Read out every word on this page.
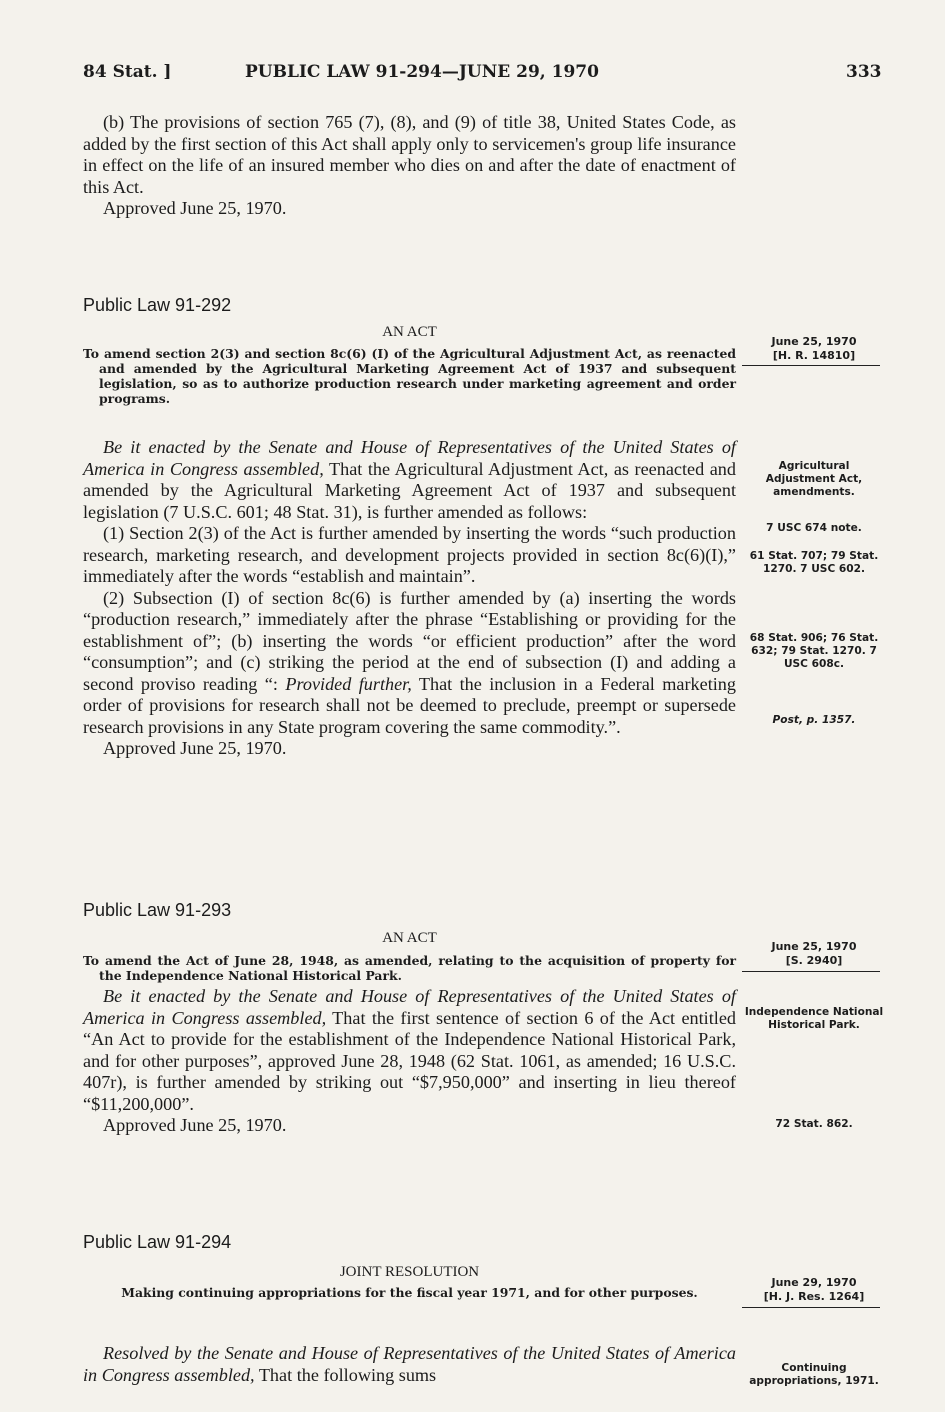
84 Stat. ]	PUBLIC LAW 91-294—JUNE 29, 1970	333

(b) The provisions of section 765 (7), (8), and (9) of title 38, United States Code, as added by the first section of this Act shall apply only to servicemen's group life insurance in effect on the life of an insured member who dies on and after the date of enactment of this Act.

Approved June 25, 1970.

Public Law 91-292
AN ACT
To amend section 2(3) and section 8c(6) (I) of the Agricultural Adjustment Act, as reenacted and amended by the Agricultural Marketing Agreement Act of 1937 and subsequent legislation, so as to authorize production research under marketing agreement and order programs.
June 25, 1970
[H. R. 14810]

Be it enacted by the Senate and House of Representatives of the United States of America in Congress assembled, That the Agricultural Adjustment Act, as reenacted and amended by the Agricultural Marketing Agreement Act of 1937 and subsequent legislation (7 U.S.C. 601; 48 Stat. 31), is further amended as follows:

(1) Section 2(3) of the Act is further amended by inserting the words “such production research, marketing research, and development projects provided in section 8c(6)(I),” immediately after the words “establish and maintain”.

(2) Subsection (I) of section 8c(6) is further amended by (a) inserting the words “production research,” immediately after the phrase “Establishing or providing for the establishment of”; (b) inserting the words “or efficient production” after the word “consumption”; and (c) striking the period at the end of subsection (I) and adding a second proviso reading “: Provided further, That the inclusion in a Federal marketing order of provisions for research shall not be deemed to preclude, preempt or supersede research provisions in any State program covering the same commodity.”.

Approved June 25, 1970.

Agricultural Adjustment Act, amendments.
7 USC 674 note.
61 Stat. 707; 79 Stat. 1270. 7 USC 602.
68 Stat. 906; 76 Stat. 632; 79 Stat. 1270. 7 USC 608c.
Post, p. 1357.
Public Law 91-293
AN ACT
To amend the Act of June 28, 1948, as amended, relating to the acquisition of property for the Independence National Historical Park.
June 25, 1970
[S. 2940]

Be it enacted by the Senate and House of Representatives of the United States of America in Congress assembled, That the first sentence of section 6 of the Act entitled “An Act to provide for the establishment of the Independence National Historical Park, and for other purposes”, approved June 28, 1948 (62 Stat. 1061, as amended; 16 U.S.C. 407r), is further amended by striking out “$7,950,000” and inserting in lieu thereof “$11,200,000”.

Approved June 25, 1970.

Independence National Historical Park.
72 Stat. 862.
Public Law 91-294
JOINT RESOLUTION
Making continuing appropriations for the fiscal year 1971, and for other purposes.
June 29, 1970
[H. J. Res. 1264]

Resolved by the Senate and House of Representatives of the United States of America in Congress assembled, That the following sums	Continuing appropriations, 1971.
